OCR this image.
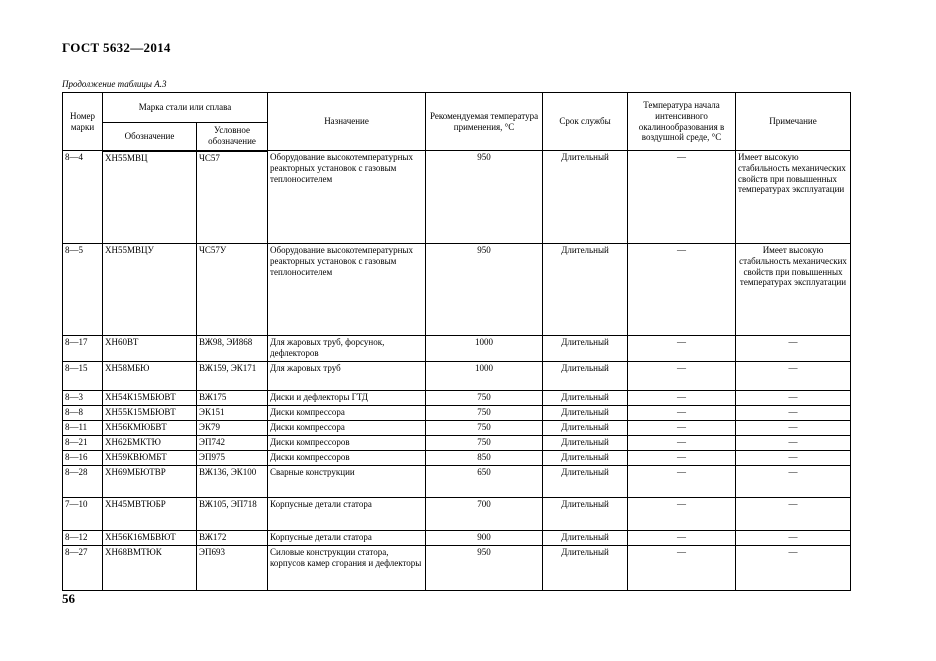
ГОСТ 5632—2014
Продолжение таблицы А.3
Номер марки	Марка стали или сплава		Назначение	Рекомендуемая температура применения, °С	Срок службы	Температура начала интенсивного окалинообразования в воздушной среде, °С	Примечание
	Обозначение	Условное обозначение					
8—4	ХН55МВЦ	ЧС57	Оборудование высокотемпературных реакторных установок с газовым теплоносителем	950	Длительный	—	Имеет высокую стабильность механических свойств при повышенных температурах эксплуатации
8—5	ХН55МВЦУ	ЧС57У	Оборудование высокотемпературных реакторных установок с газовым теплоносителем	950	Длительный	—	Имеет высокую стабильность механических свойств при повышенных температурах эксплуатации
8—17	ХН60ВТ	ВЖ98, ЭИ868	Для жаровых труб, форсунок, дефлекторов	1000	Длительный	—	—
8—15	ХН58МБЮ	ВЖ159, ЭК171	Для жаровых труб	1000	Длительный	—	—
8—3	ХН54К15МБЮВТ	ВЖ175	Диски и дефлекторы ГТД	750	Длительный	—	—
8—8	ХН55К15МБЮВТ	ЭК151	Диски компрессора	750	Длительный	—	—
8—11	ХН56КМЮБВТ	ЭК79	Диски компрессора	750	Длительный	—	—
8—21	ХН62БМКТЮ	ЭП742	Диски компрессоров	750	Длительный	—	—
8—16	ХН59КВЮМБТ	ЭП975	Диски компрессоров	850	Длительный	—	—
8—28	ХН69МБЮТВР	ВЖ136, ЭК100	Сварные конструкции	650	Длительный	—	—
7—10	ХН45МВТЮБР	ВЖ105, ЭП718	Корпусные детали статора	700	Длительный	—	—
8—12	ХН56К16МБВЮТ	ВЖ172	Корпусные детали статора	900	Длительный	—	—
8—27	ХН68ВМТЮК	ЭП693	Силовые конструкции статора, корпусов камер сгорания и дефлекторы	950	Длительный	—	—
56
